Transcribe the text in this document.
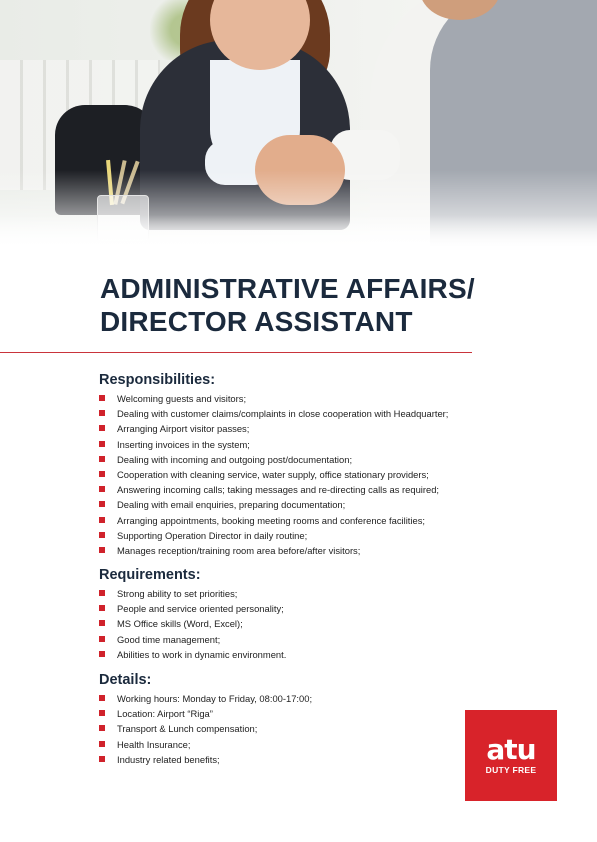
ADMINISTRATIVE AFFAIRS/
DIRECTOR ASSISTANT
Responsibilities:
Welcoming guests and visitors;
Dealing with customer claims/complaints in close cooperation with Headquarter;
Arranging Airport visitor passes;
Inserting invoices in the system;
Dealing with incoming and outgoing post/documentation;
Cooperation with cleaning service, water supply, office stationary providers;
Answering incoming calls; taking messages and re-directing calls as required;
Dealing with email enquiries, preparing documentation;
Arranging appointments, booking meeting rooms and conference facilities;
Supporting Operation Director in daily routine;
Manages reception/training room area before/after visitors;
Requirements:
Strong ability to set priorities;
People and service oriented personality;
MS Office skills (Word, Excel);
Good time management;
Abilities to work in dynamic environment.
Details:
Working hours: Monday to Friday, 08:00-17:00;
Location: Airport “Riga”
Transport & Lunch compensation;
Health Insurance;
Industry related benefits;	atu
DUTY FREE
